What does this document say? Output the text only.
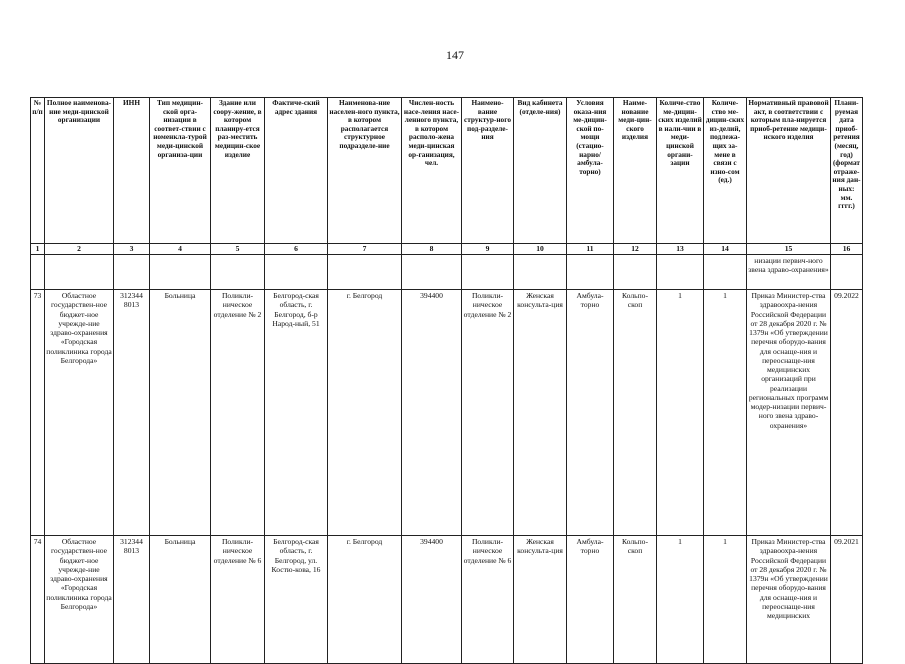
147
№ п/п	Полное наименова-ние меди-цинской организации	ИНН	Тип медицин-ской орга-низации в соответ-ствии с номенкла-турой меди-цинской организа-ции	Здание или соору-жение, в котором планиру-ется раз-местить медицин-ское изделие	Фактиче-ский адрес здания	Наименова-ние населен-ного пункта, в котором располагается структурное подразделе-ние	Числен-ность насе-ления насе-ленного пункта, в котором располо-жена меди-цинская ор-ганизация, чел.	Наимено-вание структур-ного под-разделе-ния	Вид кабинета (отделе-ния)	Условия оказа-ния ме-дицин-ской по-мощи (стацио-нарно/ амбула-торно)	Наиме-нование меди-цин-ского изделия	Количе-ство ме-дицин-ских изделий в нали-чии в меди-цинской органи-зации	Количе-ство ме-дицин-ских из-делий, подлежа-щих за-мене в связи с изно-сом (ед.)	Нормативный правовой акт, в соответствии с которым пла-нируется приоб-ретение медици-нского изделия	Плани-руемая дата приоб-ретения (месяц, год) (формат отраже-ния дан-ных: мм. гггг.)
1	2	3	4	5	6	7	8	9	10	11	12	13	14	15	16
														низации первич-ного звена здраво-охранения»	
73	Областное государствен-ное бюджет-ное учрежде-ние здраво-охранения «Городская поликлиника города Белгорода»	312344 8013	Больница	Поликли-ническое отделение № 2	Белгород-ская область, г. Белгород, б-р Народ-ный, 51	г. Белгород	394400	Поликли-ническое отделение № 2	Женская консульта-ция	Амбула-торно	Кольпо-скоп	1	1	Приказ Министер-ства здравоохра-нения Российской Федерации от 28 декабря 2020 г. № 1379н «Об утверждении перечня оборудо-вания для оснаще-ния и переоснаще-ния медицинских организаций при реализации региональных программ модер-низации первич-ного звена здраво-охранения»	09.2022
74	Областное государствен-ное бюджет-ное учрежде-ние здраво-охранения «Городская поликлиника города Белгорода»	312344 8013	Больница	Поликли-ническое отделение № 6	Белгород-ская область, г. Белгород, ул. Костю-кова, 16	г. Белгород	394400	Поликли-ническое отделение № 6	Женская консульта-ция	Амбула-торно	Кольпо-скоп	1	1	Приказ Министер-ства здравоохра-нения Российской Федерации от 28 декабря 2020 г. № 1379н «Об утверждении перечня оборудо-вания для оснаще-ния и переоснаще-ния медицинских	09.2021
